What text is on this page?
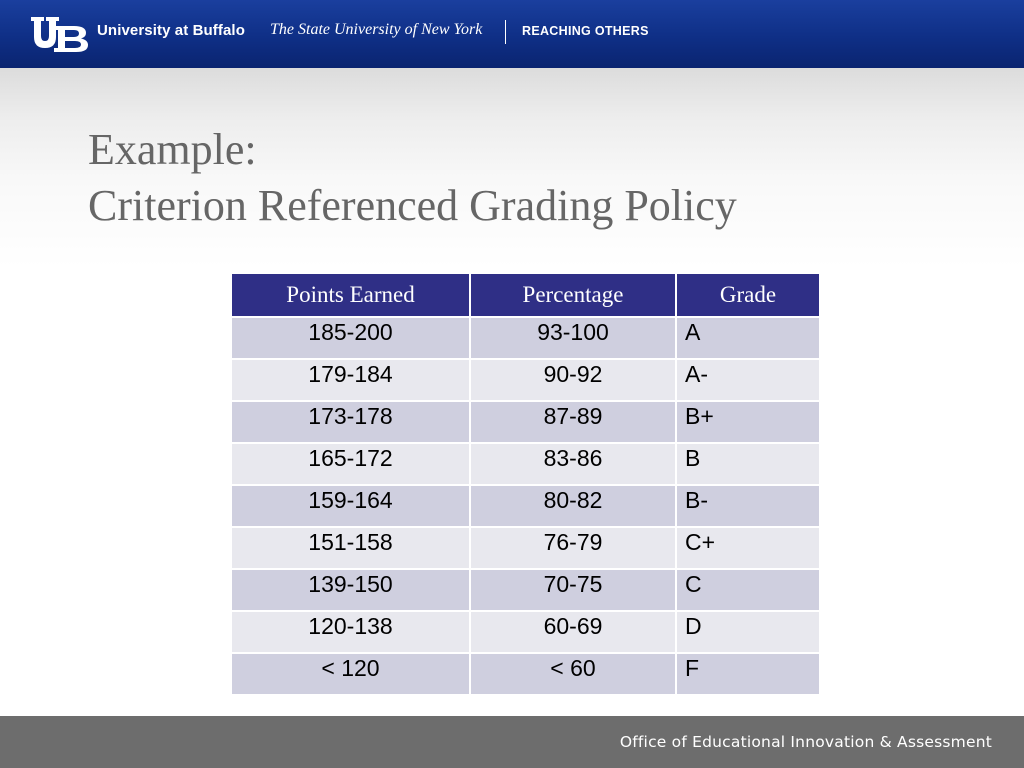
University at Buffalo The State University of New York	REACHING OTHERS
Example:
Criterion Referenced Grading Policy
Points Earned	Percentage	Grade
185-200	93-100	A
179-184	90-92	A-
173-178	87-89	B+
165-172	83-86	B
159-164	80-82	B-
151-158	76-79	C+
139-150	70-75	C
120-138	60-69	D
< 120	< 60	F
Office of Educational Innovation & Assessment
